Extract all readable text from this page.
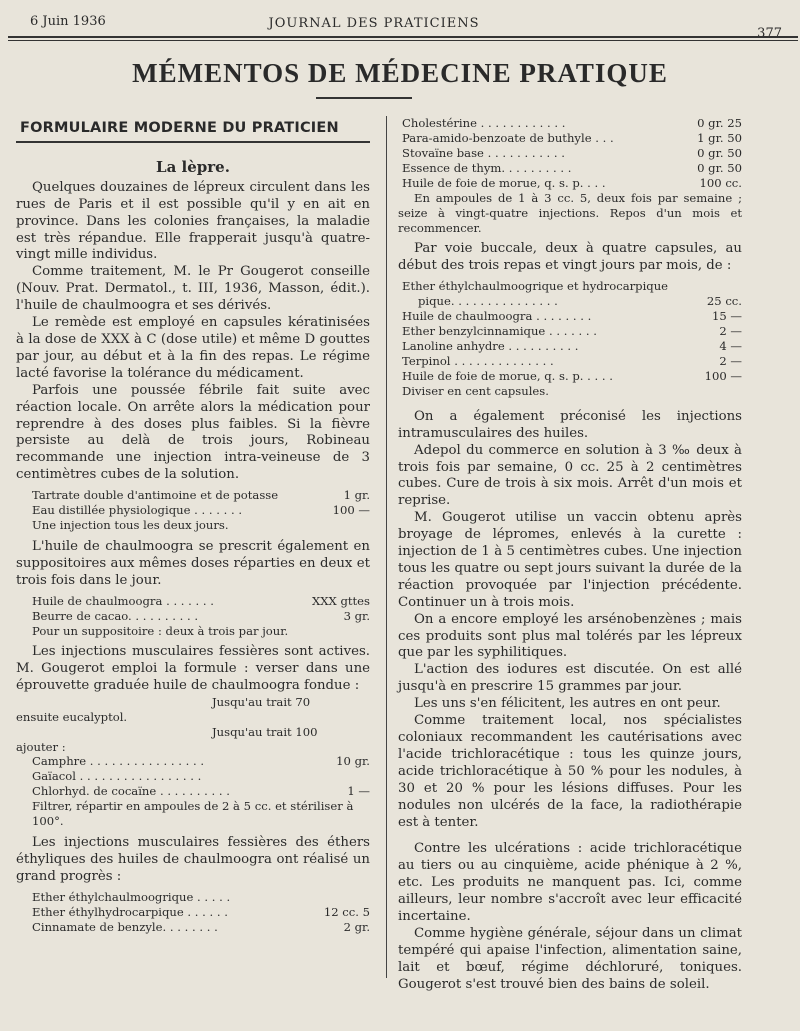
6 Juin 1936	JOURNAL DES PRATICIENS
377
MÉMENTOS DE MÉDECINE PRATIQUE
FORMULAIRE MODERNE DU PRATICIEN
La lèpre.

Quelques douzaines de lépreux circulent dans les rues de Paris et il est possible qu'il y en ait en province. Dans les colonies françaises, la maladie est très répandue. Elle frapperait jusqu'à quatre-vingt mille individus.

Comme traitement, M. le Pr Gougerot conseille (Nouv. Prat. Dermatol., t. III, 1936, Masson, édit.). l'huile de chaulmoogra et ses dérivés.

Le remède est employé en capsules kératinisées à la dose de XXX à C (dose utile) et même D gouttes par jour, au début et à la fin des repas. Le régime lacté favorise la tolérance du médicament.

Parfois une poussée fébrile fait suite avec réaction locale. On arrête alors la médication pour reprendre à des doses plus faibles. Si la fièvre persiste au delà de trois jours, Robineau recommande une injection intra-veineuse de 3 centimètres cubes de la solution.

Tartrate double d'antimoine et de potasse	1 gr.
Eau distillée physiologique . . . . . . .	100 —
Une injection tous les deux jours.

L'huile de chaulmoogra se prescrit également en suppositoires aux mêmes doses réparties en deux et trois fois dans le jour.

Huile de chaulmoogra . . . . . . .	XXX gttes
Beurre de cacao. . . . . . . . . .	3 gr.
Pour un suppositoire : deux à trois par jour.

Les injections musculaires fessières sont actives. M. Gougerot emploi la formule : verser dans une éprouvette graduée huile de chaulmoogra fondue :

Jusqu'au trait 70
ensuite eucalyptol.
Jusqu'au trait 100
ajouter :
Camphre . . . . . . . . . . . . . . . .	10 gr.
Gaïacol . . . . . . . . . . . . . . . . .
Chlorhyd. de cocaïne . . . . . . . . . .	1 —
Filtrer, répartir en ampoules de 2 à 5 cc. et stériliser à 100°.

Les injections musculaires fessières des éthers éthyliques des huiles de chaulmoogra ont réalisé un grand progrès :

Ether éthylchaulmoogrique . . . . .
Ether éthylhydrocarpique . . . . . .	12 cc. 5
Cinnamate de benzyle. . . . . . . .	2 gr.
Cholestérine . . . . . . . . . . . .	0 gr. 25
Para-amido-benzoate de buthyle . . .	1 gr. 50
Stovaïne base . . . . . . . . . . .	0 gr. 50
Essence de thym. . . . . . . . . .	0 gr. 50
Huile de foie de morue, q. s. p. . . .	100 cc.

En ampoules de 1 à 3 cc. 5, deux fois par semaine ; seize à vingt-quatre injections. Repos d'un mois et recommencer.

Par voie buccale, deux à quatre capsules, au début des trois repas et vingt jours par mois, de :

Ether éthylchaulmoogrique et hydrocarpique
pique. . . . . . . . . . . . . . .	25 cc.
Huile de chaulmoogra . . . . . . . .	15 —
Ether benzylcinnamique . . . . . . .	2 —
Lanoline anhydre . . . . . . . . . .	4 —
Terpinol . . . . . . . . . . . . . .	2 —
Huile de foie de morue, q. s. p. . . . .	100 —
Diviser en cent capsules.

On a également préconisé les injections intramusculaires des huiles.

Adepol du commerce en solution à 3 ‰ deux à trois fois par semaine, 0 cc. 25 à 2 centimètres cubes. Cure de trois à six mois. Arrêt d'un mois et reprise.

M. Gougerot utilise un vaccin obtenu après broyage de lépromes, enlevés à la curette : injection de 1 à 5 centimètres cubes. Une injection tous les quatre ou sept jours suivant la durée de la réaction provoquée par l'injection précédente. Continuer un à trois mois.

On a encore employé les arsénobenzènes ; mais ces produits sont plus mal tolérés par les lépreux que par les syphilitiques.

L'action des iodures est discutée. On est allé jusqu'à en prescrire 15 grammes par jour.

Les uns s'en félicitent, les autres en ont peur.

Comme traitement local, nos spécialistes coloniaux recommandent les cautérisations avec l'acide trichloracétique : tous les quinze jours, acide trichloracétique à 50 % pour les nodules, à 30 et 20 % pour les lésions diffuses. Pour les nodules non ulcérés de la face, la radiothérapie est à tenter.

Contre les ulcérations : acide trichloracétique au tiers ou au cinquième, acide phénique à 2 %, etc. Les produits ne manquent pas. Ici, comme ailleurs, leur nombre s'accroît avec leur efficacité incertaine.

Comme hygiène générale, séjour dans un climat tempéré qui apaise l'infection, alimentation saine, lait et bœuf, régime déchloruré, toniques. Gougerot s'est trouvé bien des bains de soleil.
